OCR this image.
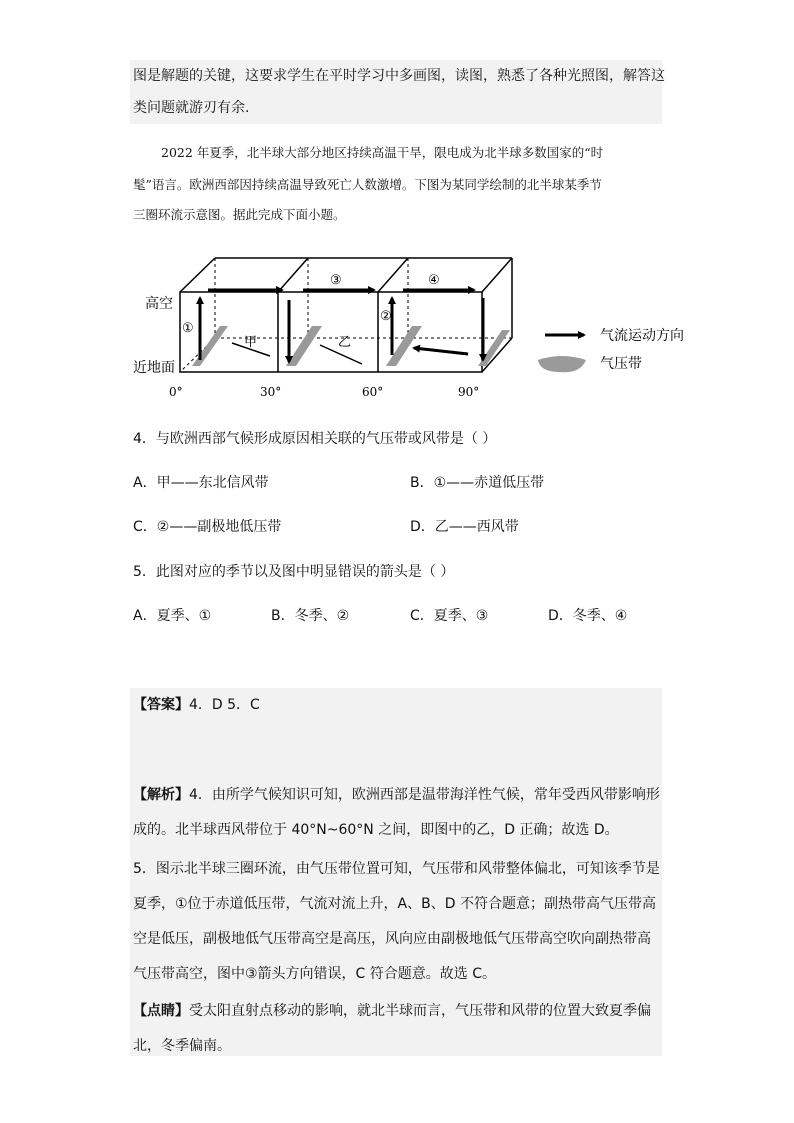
图是解题的关键，这要求学生在平时学习中多画图，读图，熟悉了各种光照图，解答这
类问题就游刃有余.
2022 年夏季，北半球大部分地区持续高温干旱，限电成为北半球多数国家的“时
髦”语言。欧洲西部因持续高温导致死亡人数激增。下图为某同学绘制的北半球某季节
三圈环流示意图。据此完成下面小题。
高空
近地面
①
②
③	④
甲	乙
0°	30°	60°	90°
气流运动方向
气压带
4．与欧洲西部气候形成原因相关联的气压带或风带是（ ）
A．甲——东北信风带	B．①——赤道低压带
C．②——副极地低压带	D．乙——西风带
5．此图对应的季节以及图中明显错误的箭头是（ ）
A．夏季、①	B．冬季、②	C．夏季、③	D．冬季、④
【答案】4．D 5．C
【解析】4．由所学气候知识可知，欧洲西部是温带海洋性气候，常年受西风带影响形成的。北半球西风带位于 40°N~60°N 之间，即图中的乙，D 正确；故选 D。
5．图示北半球三圈环流，由气压带位置可知，气压带和风带整体偏北，可知该季节是夏季，①位于赤道低压带，气流对流上升，A、B、D 不符合题意；副热带高气压带高空是低压，副极地低气压带高空是高压，风向应由副极地低气压带高空吹向副热带高气压带高空，图中③箭头方向错误，C 符合题意。故选 C。
【点睛】受太阳直射点移动的影响，就北半球而言，气压带和风带的位置大致夏季偏北，冬季偏南。
